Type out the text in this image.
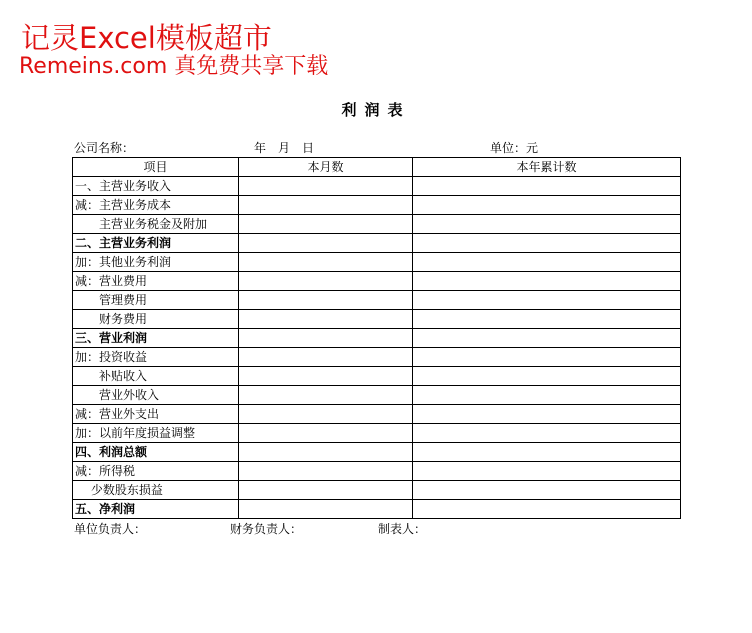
记灵Excel模板超市
Remeins.com 真免费共享下载
利润表
公司名称：	年　月　日	单位：元
项目	本月数	本年累计数
一、主营业务收入		
减：主营业务成本		
　　主营业务税金及附加		
二、主营业务利润		
加：其他业务利润		
减：营业费用		
　　管理费用		
　　财务费用		
三、营业利润		
加：投资收益		
　　补贴收入		
　　营业外收入		
减：营业外支出		
加：以前年度损益调整		
四、利润总额		
减：所得税		
　 少数股东损益		
五、净利润		
单位负责人：	财务负责人：	制表人：
